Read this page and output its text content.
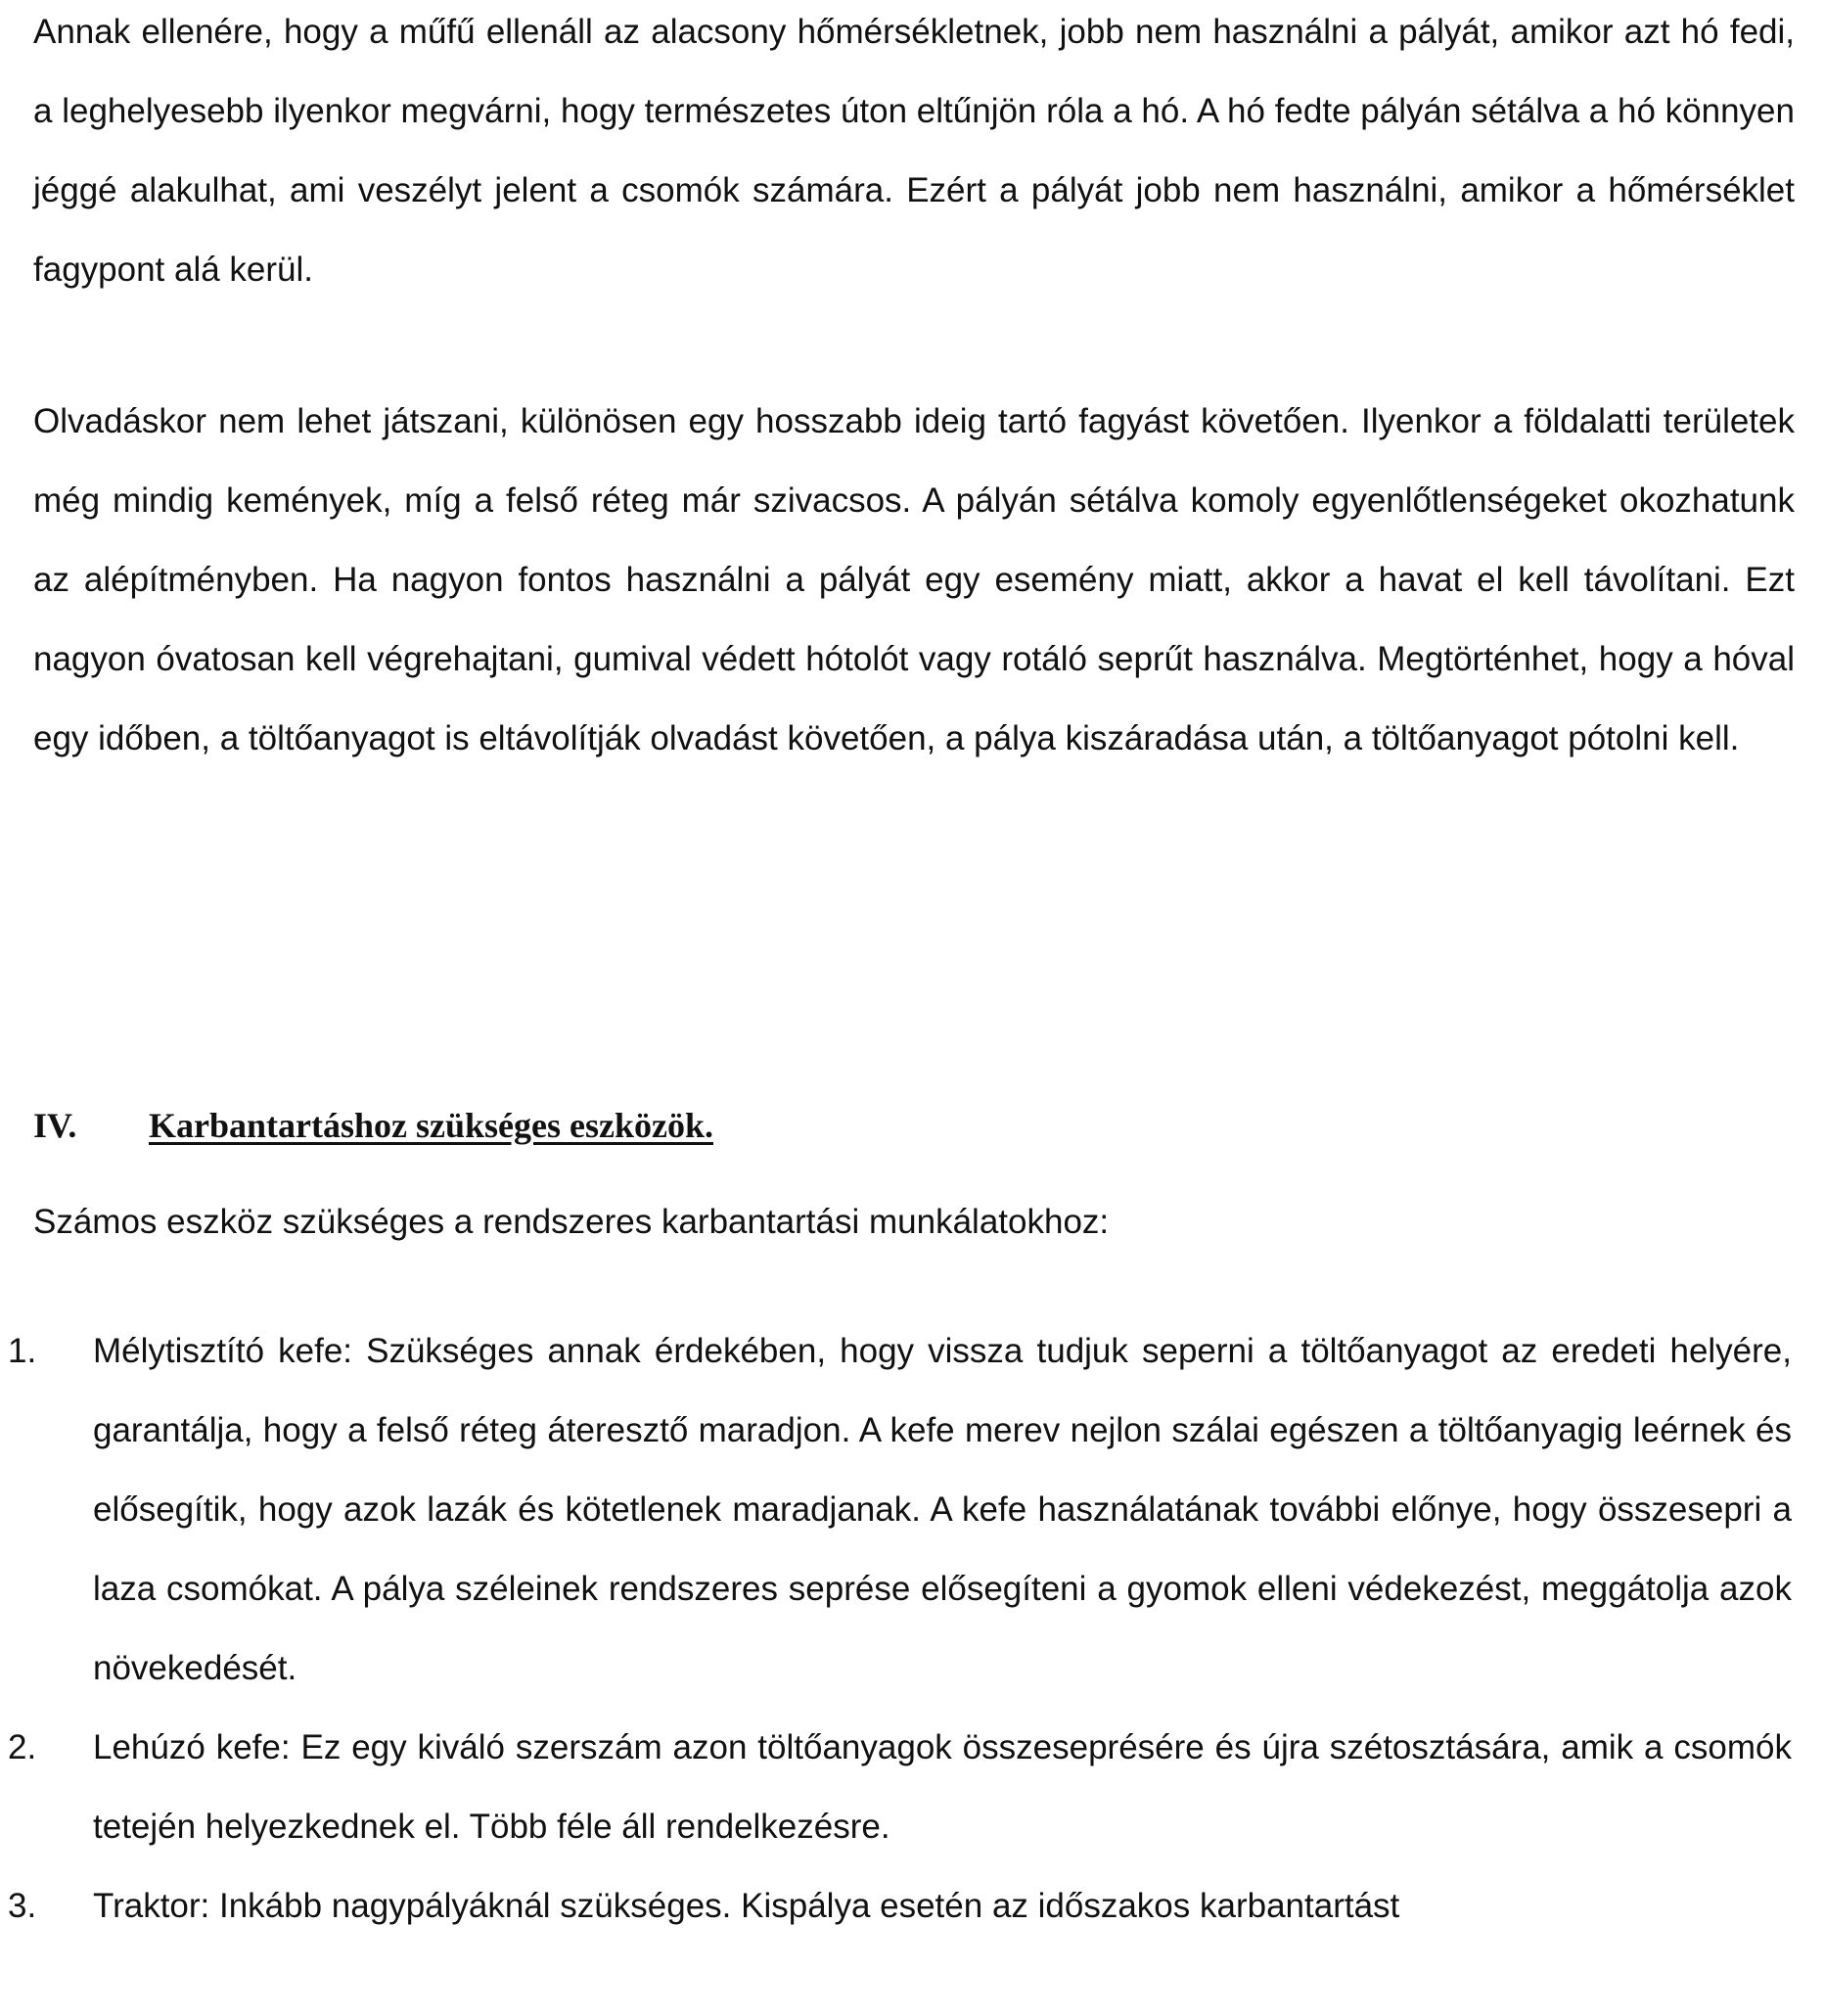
Annak ellenére, hogy a műfű ellenáll az alacsony hőmérsékletnek, jobb nem használni a pályát, amikor azt hó fedi, a leghelyesebb ilyenkor megvárni, hogy természetes úton eltűnjön róla a hó. A hó fedte pályán sétálva a hó könnyen jéggé alakulhat, ami veszélyt jelent a csomók számára. Ezért a pályát jobb nem használni, amikor a hőmérséklet fagypont alá kerül.

Olvadáskor nem lehet játszani, különösen egy hosszabb ideig tartó fagyást követően. Ilyenkor a földalatti területek még mindig kemények, míg a felső réteg már szivacsos. A pályán sétálva komoly egyenlőtlenségeket okozhatunk az alépítményben. Ha nagyon fontos használni a pályát egy esemény miatt, akkor a havat el kell távolítani. Ezt nagyon óvatosan kell végrehajtani, gumival védett hótolót vagy rotáló seprűt használva. Megtörténhet, hogy a hóval egy időben, a töltőanyagot is eltávolítják olvadást követően, a pálya kiszáradása után, a töltőanyagot pótolni kell.

IV. Karbantartáshoz szükséges eszközök.

Számos eszköz szükséges a rendszeres karbantartási munkálatokhoz:

1. Mélytisztító kefe: Szükséges annak érdekében, hogy vissza tudjuk seperni a töltőanyagot az eredeti helyére, garantálja, hogy a felső réteg áteresztő maradjon. A kefe merev nejlon szálai egészen a töltőanyagig leérnek és elősegítik, hogy azok lazák és kötetlenek maradjanak. A kefe használatának további előnye, hogy összesepri a laza csomókat. A pálya széleinek rendszeres seprése elősegíteni a gyomok elleni védekezést, meggátolja azok növekedését.
2. Lehúzó kefe: Ez egy kiváló szerszám azon töltőanyagok összeseprésére és újra szétosztására, amik a csomók tetején helyezkednek el. Több féle áll rendelkezésre.
3. Traktor: Inkább nagypályáknál szükséges. Kispálya esetén az időszakos karbantartást
